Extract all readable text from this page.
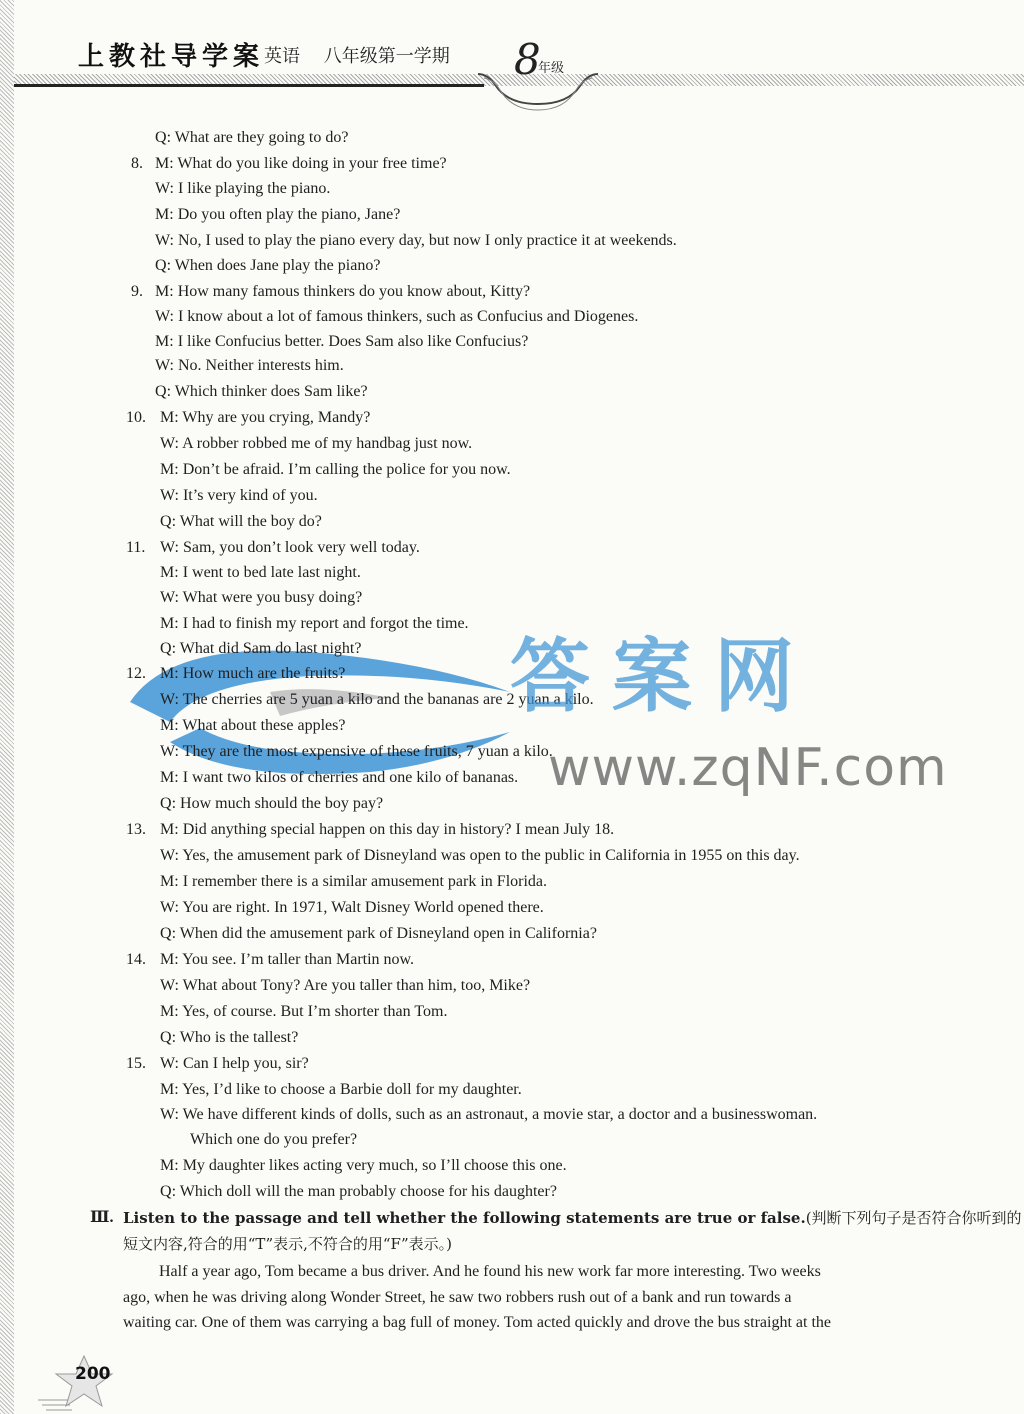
上教社导学案 英语 八年级第一学期	8
年级
Q: What are they going to do?
8. M: What do you like doing in your free time?
W: I like playing the piano.
M: Do you often play the piano, Jane?
W: No, I used to play the piano every day, but now I only practice it at weekends.
Q: When does Jane play the piano?
9. M: How many famous thinkers do you know about, Kitty?
W: I know about a lot of famous thinkers, such as Confucius and Diogenes.
M: I like Confucius better. Does Sam also like Confucius?
W: No. Neither interests him.
Q: Which thinker does Sam like?
10. M: Why are you crying, Mandy?
W: A robber robbed me of my handbag just now.
M: Don’t be afraid. I’m calling the police for you now.
W: It’s very kind of you.
Q: What will the boy do?
11. W: Sam, you don’t look very well today.
M: I went to bed late last night.
W: What were you busy doing?
M: I had to finish my report and forgot the time.
Q: What did Sam do last night?
12. M: How much are the fruits?
W: The cherries are 5 yuan a kilo and the bananas are 2 yuan a kilo.
M: What about these apples?
W: They are the most expensive of these fruits, 7 yuan a kilo.
M: I want two kilos of cherries and one kilo of bananas.
Q: How much should the boy pay?
13. M: Did anything special happen on this day in history? I mean July 18.
W: Yes, the amusement park of Disneyland was open to the public in California in 1955 on this day.
M: I remember there is a similar amusement park in Florida.
W: You are right. In 1971, Walt Disney World opened there.
Q: When did the amusement park of Disneyland open in California?
14. M: You see. I’m taller than Martin now.
W: What about Tony? Are you taller than him, too, Mike?
M: Yes, of course. But I’m shorter than Tom.
Q: Who is the tallest?
15. W: Can I help you, sir?
M: Yes, I’d like to choose a Barbie doll for my daughter.
W: We have different kinds of dolls, such as an astronaut, a movie star, a doctor and a businesswoman.
Which one do you prefer?
M: My daughter likes acting very much, so I’ll choose this one.
Q: Which doll will the man probably choose for his daughter?
Ⅲ. Listen to the passage and tell whether the following statements are true or false.(判断下列句子是否符合你听到的
短文内容,符合的用“T”表示,不符合的用“F”表示。)
Half a year ago, Tom became a bus driver. And he found his new work far more interesting. Two weeks
ago, when he was driving along Wonder Street, he saw two robbers rush out of a bank and run towards a
waiting car. One of them was carrying a bag full of money. Tom acted quickly and drove the bus straight at the
答案网
www.zqNF.com
200
